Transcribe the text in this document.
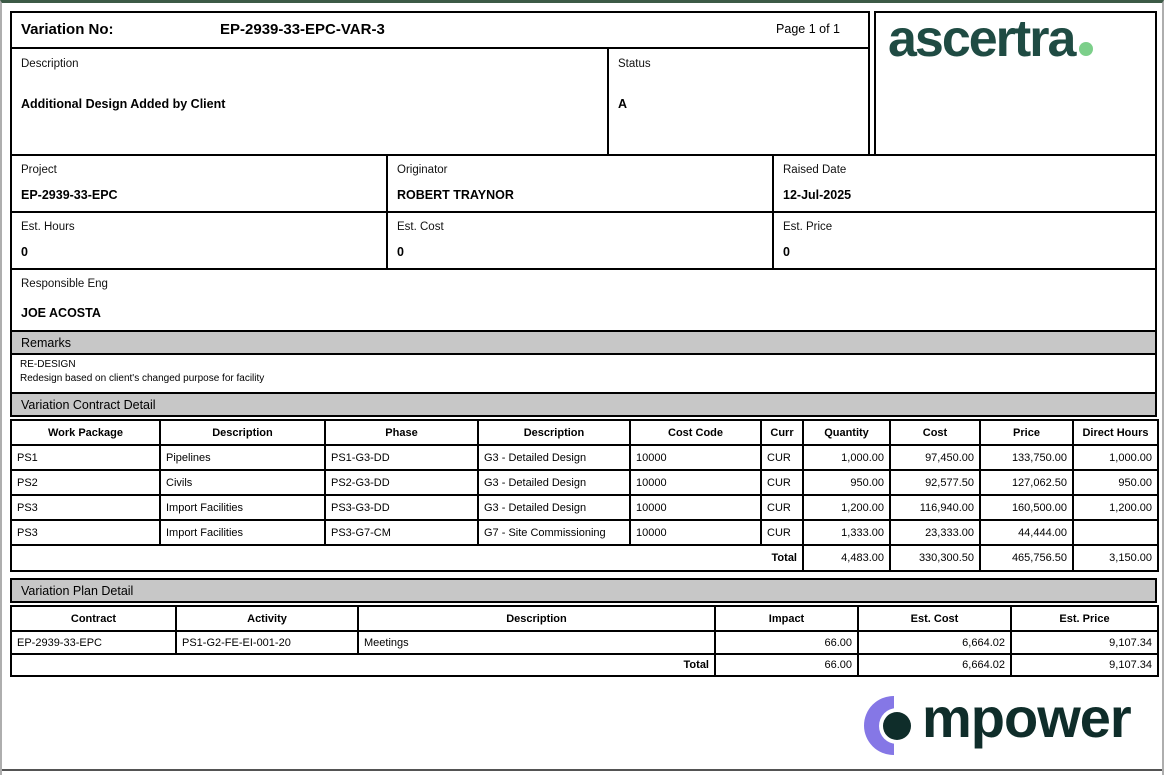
Variation No:	EP-2939-33-EPC-VAR-3	Page 1 of 1
Description
Additional Design Added by Client
Status
A
ascertra
Project
EP-2939-33-EPC
Originator
ROBERT TRAYNOR
Raised Date
12-Jul-2025
Est. Hours
0
Est. Cost
0
Est. Price
0
Responsible Eng
JOE ACOSTA
Remarks
RE-DESIGN
Redesign based on client's changed purpose for facility
Variation Contract Detail
Work Package	Description	Phase	Description	Cost Code	Curr	Quantity	Cost	Price	Direct Hours
PS1	Pipelines	PS1-G3-DD	G3 - Detailed Design	10000	CUR	1,000.00	97,450.00	133,750.00	1,000.00
PS2	Civils	PS2-G3-DD	G3 - Detailed Design	10000	CUR	950.00	92,577.50	127,062.50	950.00
PS3	Import Facilities	PS3-G3-DD	G3 - Detailed Design	10000	CUR	1,200.00	116,940.00	160,500.00	1,200.00
PS3	Import Facilities	PS3-G7-CM	G7 - Site Commissioning	10000	CUR	1,333.00	23,333.00	44,444.00	
Total						4,483.00	330,300.50	465,756.50	3,150.00
Variation Plan Detail
Contract	Activity	Description	Impact	Est. Cost	Est. Price
EP-2939-33-EPC	PS1-G2-FE-EI-001-20	Meetings	66.00	6,664.02	9,107.34
Total			66.00	6,664.02	9,107.34
mpower
